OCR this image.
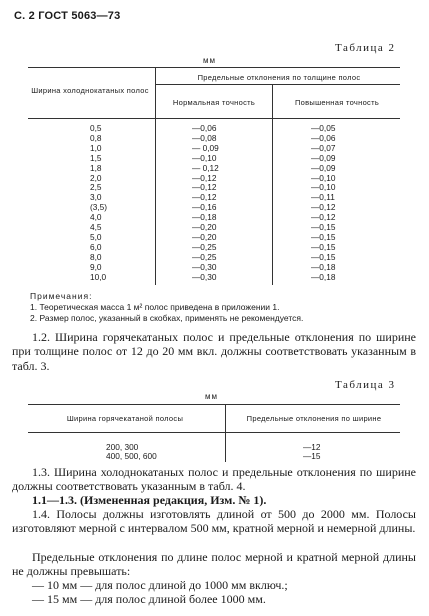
С. 2 ГОСТ 5063—73
Таблица 2
мм
Ширина холоднокатаных полос
Предельные отклонения по толщине полос
Нормальная точность	Повышенная точность
0,5
0,8
1,0
1,5
1,8
2,0
2,5
3,0
(3,5)
4,0
4,5
5,0
6,0
8,0
9,0
10,0
—0,06
—0,08
— 0,09
—0,10
— 0,12
—0,12
—0,12
—0,12
—0,16
—0,18
—0,20
—0,20
—0,25
—0,25
—0,30
—0,30
—0,05
—0,06
—0,07
—0,09
—0,09
—0,10
—0,10
—0,11
—0,12
—0,12
—0,15
—0,15
—0,15
—0,15
—0,18
—0,18
Примечания:
1. Теоретическая масса 1 м² полос приведена в приложении 1.
2. Размер полос, указанный в скобках, применять не рекомендуется.
1.2. Ширина горячекатаных полос и предельные отклонения по ширине при толщине полос от 12 до 20 мм вкл. должны соответствовать указанным в табл. 3.
Таблица 3
мм
Ширина горячекатаной полосы	Предельные отклонения по ширине
200, 300
400, 500, 600
—12
—15
1.3. Ширина холоднокатаных полос и предельные отклонения по ширине должны соответствовать указанным в табл. 4.
1.1—1.3. (Измененная редакция, Изм. № 1).
1.4. Полосы должны изготовлять длиной от 500 до 2000 мм. Полосы изготовляют мерной с интервалом 500 мм, кратной мерной и немерной длины.
Предельные отклонения по длине полос мерной и кратной мерной длины не должны превышать:
— 10 мм — для полос длиной до 1000 мм включ.;
— 15 мм — для полос длиной более 1000 мм.
